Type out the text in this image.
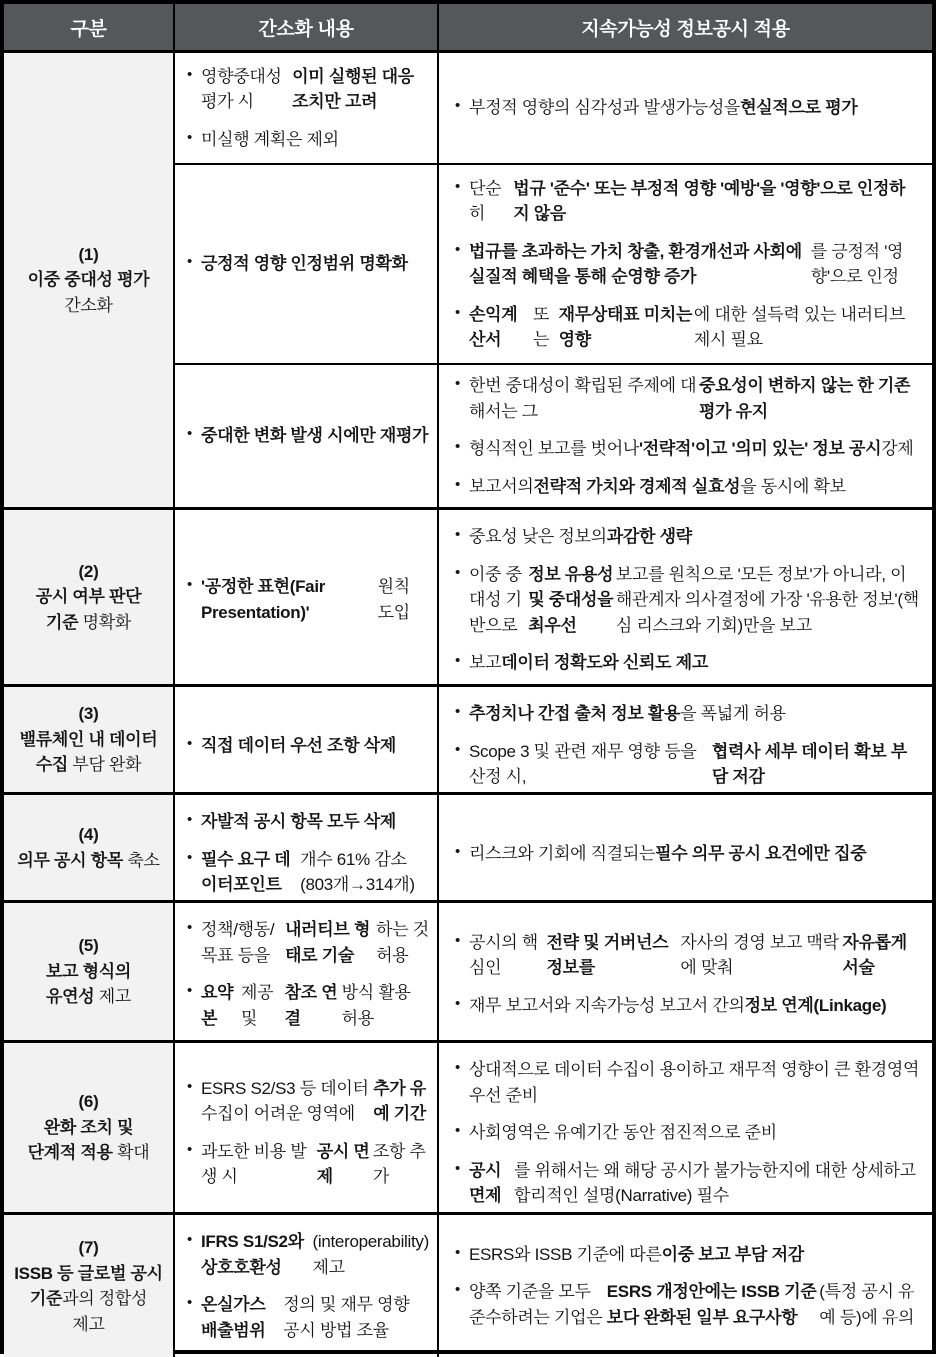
구분	간소화 내용	지속가능성 정보공시 적용
(1)
이중 중대성 평가
간소화
• 영향중대성 평가 시
이미 실행된 대응조치만 고려
• 미실행 계획은 제외
• 부정적 영향의 심각성과 발생가능성을 현실적으로 평가
• 긍정적 영향 인정범위 명확화
• 단순히
법규 '준수' 또는 부정적 영향 '예방'을 '영향'으로 인정하지 않음
• 법규를 초과하는 가치 창출, 환경개선과 사회에 실질적 혜택을 통해 순영향 증가
를 긍정적 '영향'으로 인정
• 손익계산서
또는
재무상태표 미치는 영향
에 대한 설득력 있는 내러티브 제시 필요
• 중대한 변화 발생 시에만 재평가
• 한번 중대성이 확립된 주제에 대해서는 그
중요성이 변하지 않는 한 기존 평가 유지
• 형식적인 보고를 벗어나 '전략적'이고 '의미 있는' 정보 공시 강제
• 보고서의 전략적 가치와 경제적 실효성 을 동시에 확보
(2)
공시 여부 판단
기준 명확화
• '공정한 표현(Fair Presentation)'
원칙 도입
• 중요성 낮은 정보의 과감한 생략
• 이중 중대성 기반으로
정보 유용성 및 중대성을 최우선
보고를 원칙으로 '모든 정보'가 아니라, 이해관계자 의사결정에 가장 '유용한 정보'(핵심 리스크와 기회)만을 보고
• 보고 데이터 정확도와 신뢰도 제고
(3)
밸류체인 내 데이터
수집 부담 완화
• 직접 데이터 우선 조항 삭제
• 추정치나 간접 출처 정보 활용 을 폭넓게 허용
• Scope 3 및 관련 재무 영향 등을 산정 시,
협력사 세부 데이터 확보 부담 저감
(4)
의무 공시 항목 축소
• 자발적 공시 항목 모두 삭제
• 필수 요구 데이터포인트
개수 61% 감소(803개→314개)
• 리스크와 기회에 직결되는 필수 의무 공시 요건에만 집중
(5)
보고 형식의
유연성 제고
• 정책/행동/목표 등을
내러티브 형태로 기술
하는 것 허용
• 요약본
제공 및
참조 연결
방식 활용 허용
• 공시의 핵심인
전략 및 거버넌스 정보를
자사의 경영 보고 맥락에 맞춰
자유롭게 서술
• 재무 보고서와 지속가능성 보고서 간의 정보 연계(Linkage)
(6)
완화 조치 및
단계적 적용 확대
• ESRS S2/S3 등 데이터 수집이 어려운 영역에
추가 유예 기간
• 과도한 비용 발생 시
공시 면제
조항 추가
• 상대적으로 데이터 수집이 용이하고 재무적 영향이 큰 환경영역 우선 준비
• 사회영역은 유예기간 동안 점진적으로 준비
• 공시 면제
를 위해서는 왜 해당 공시가 불가능한지에 대한 상세하고 합리적인 설명(Narrative) 필수
(7)
ISSB 등 글로벌 공시
기준과의 정합성
제고
• IFRS S1/S2와 상호호환성
(interoperability) 제고
• 온실가스 배출범위
정의 및 재무 영향 공시 방법 조율
• ESRS와 ISSB 기준에 따른 이중 보고 부담 저감
• 양쪽 기준을 모두 준수하려는 기업은
ESRS 개정안에는 ISSB 기준보다 완화된 일부 요구사항
(특정 공시 유예 등)에 유의
